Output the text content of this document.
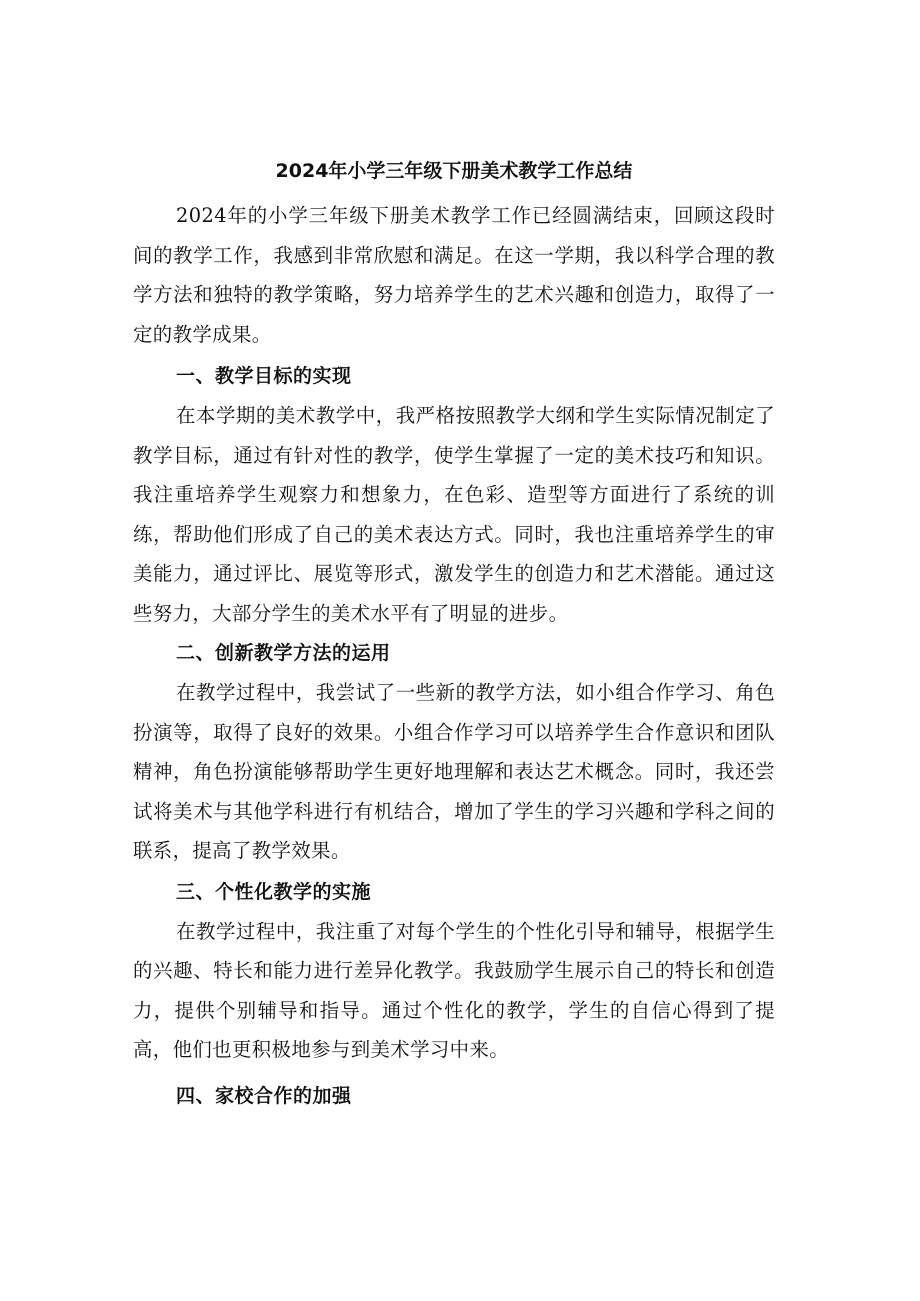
2024年小学三年级下册美术教学工作总结

2024年的小学三年级下册美术教学工作已经圆满结束，回顾这段时间的教学工作，我感到非常欣慰和满足。在这一学期，我以科学合理的教学方法和独特的教学策略，努力培养学生的艺术兴趣和创造力，取得了一定的教学成果。

一、教学目标的实现

在本学期的美术教学中，我严格按照教学大纲和学生实际情况制定了教学目标，通过有针对性的教学，使学生掌握了一定的美术技巧和知识。我注重培养学生观察力和想象力，在色彩、造型等方面进行了系统的训练，帮助他们形成了自己的美术表达方式。同时，我也注重培养学生的审美能力，通过评比、展览等形式，激发学生的创造力和艺术潜能。通过这些努力，大部分学生的美术水平有了明显的进步。

二、创新教学方法的运用

在教学过程中，我尝试了一些新的教学方法，如小组合作学习、角色扮演等，取得了良好的效果。小组合作学习可以培养学生合作意识和团队精神，角色扮演能够帮助学生更好地理解和表达艺术概念。同时，我还尝试将美术与其他学科进行有机结合，增加了学生的学习兴趣和学科之间的联系，提高了教学效果。

三、个性化教学的实施

在教学过程中，我注重了对每个学生的个性化引导和辅导，根据学生的兴趣、特长和能力进行差异化教学。我鼓励学生展示自己的特长和创造力，提供个别辅导和指导。通过个性化的教学，学生的自信心得到了提高，他们也更积极地参与到美术学习中来。

四、家校合作的加强
